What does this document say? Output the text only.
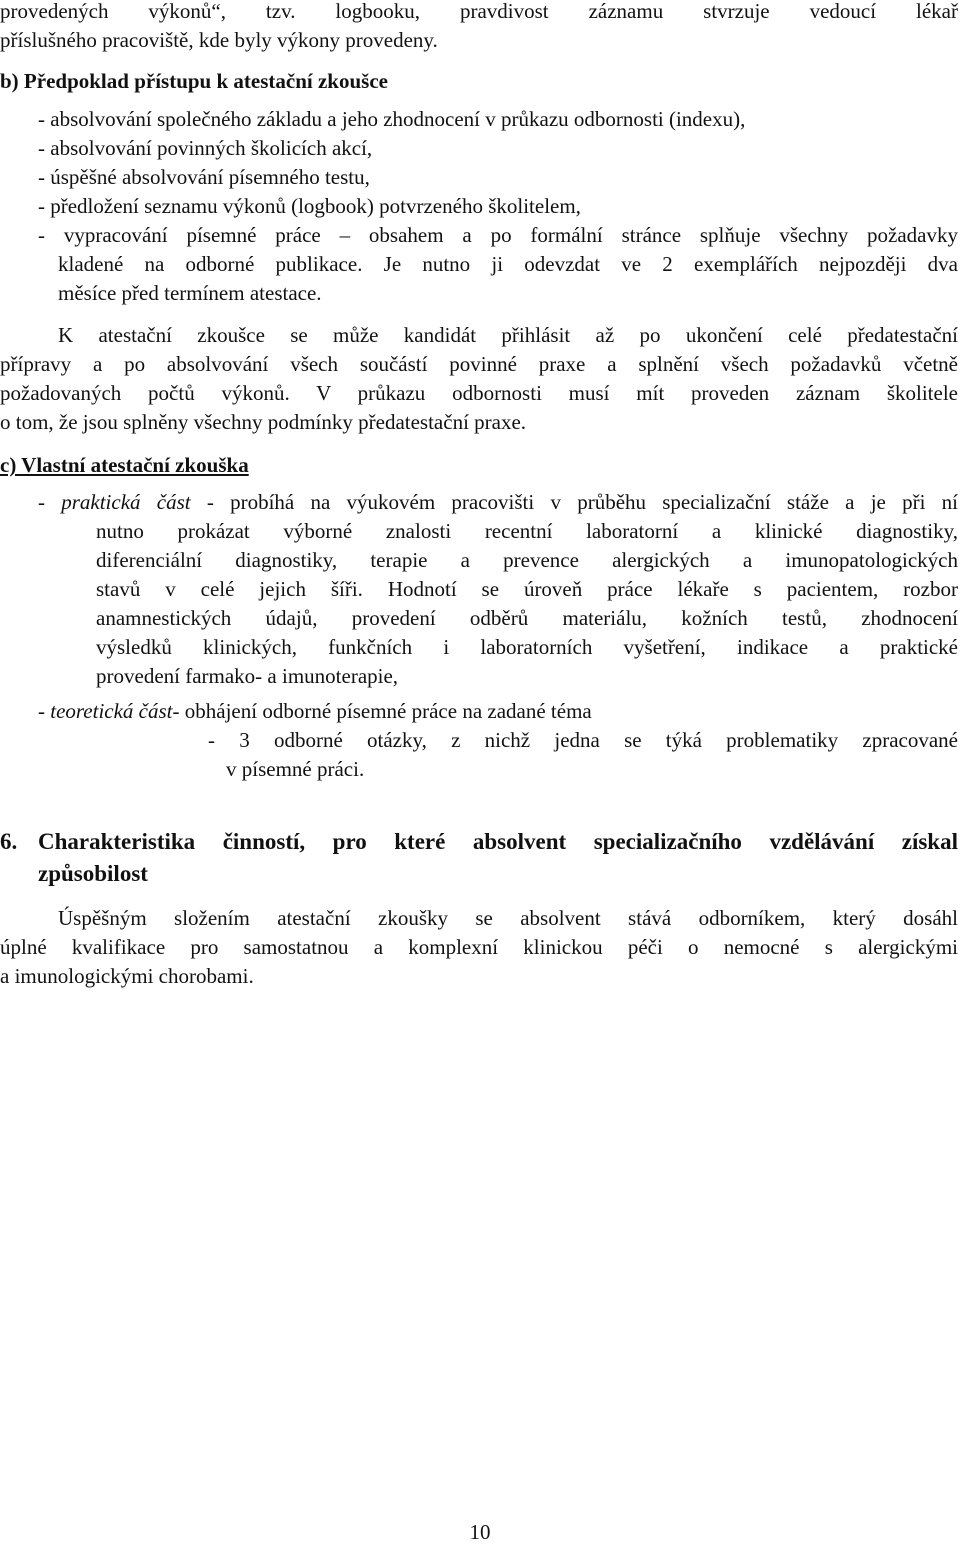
provedených výkonů“, tzv. logbooku, pravdivost záznamu stvrzuje vedoucí lékař
příslušného pracoviště, kde byly výkony provedeny.
b) Předpoklad přístupu k atestační zkoušce
- absolvování společného základu a jeho zhodnocení v průkazu odbornosti (indexu),
- absolvování povinných školicích akcí,
- úspěšné absolvování písemného testu,
- předložení seznamu výkonů (logbook) potvrzeného školitelem,
- vypracování písemné práce – obsahem a po formální stránce splňuje všechny požadavky
kladené na odborné publikace. Je nutno ji odevzdat ve 2 exemplářích nejpozději dva
měsíce před termínem atestace.
K atestační zkoušce se může kandidát přihlásit až po ukončení celé předatestační
přípravy a po absolvování všech součástí povinné praxe a splnění všech požadavků včetně
požadovaných počtů výkonů. V průkazu odbornosti musí mít proveden záznam školitele
o tom, že jsou splněny všechny podmínky předatestační praxe.
c) Vlastní atestační zkouška
- praktická část - probíhá na výukovém pracovišti v průběhu specializační stáže a je při ní
nutno prokázat výborné znalosti recentní laboratorní a klinické diagnostiky,
diferenciální diagnostiky, terapie a prevence alergických a imunopatologických
stavů v celé jejich šíři. Hodnotí se úroveň práce lékaře s pacientem, rozbor
anamnestických údajů, provedení odběrů materiálu, kožních testů, zhodnocení
výsledků klinických, funkčních i laboratorních vyšetření, indikace a praktické
provedení farmako- a imunoterapie,
- teoretická část- obhájení odborné písemné práce na zadané téma
- 3 odborné otázky, z nichž jedna se týká problematiky zpracované
v písemné práci.
6. Charakteristika činností, pro které absolvent specializačního vzdělávání získal
způsobilost
Úspěšným složením atestační zkoušky se absolvent stává odborníkem, který dosáhl
úplné kvalifikace pro samostatnou a komplexní klinickou péči o nemocné s alergickými
a imunologickými chorobami.
10
